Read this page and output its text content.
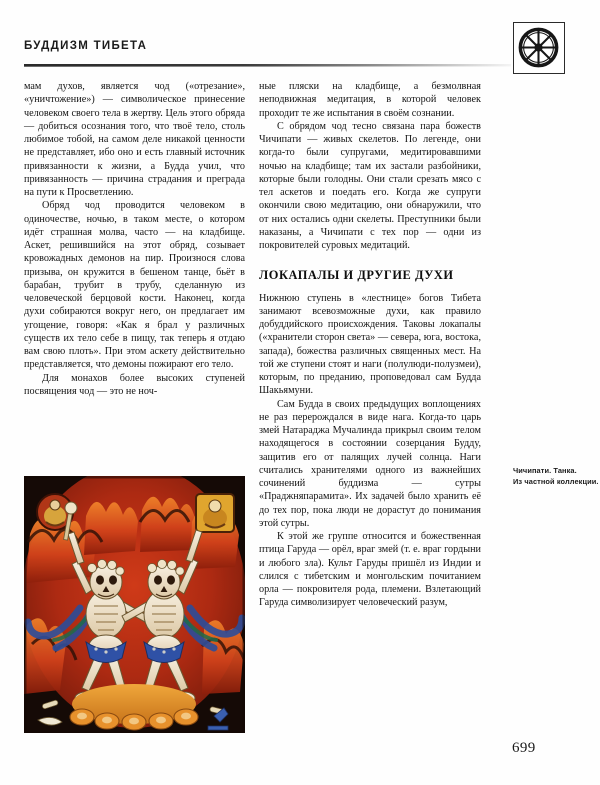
БУДДИЗМ ТИБЕТА

мам духов, является чод («отрезание», «уничтожение») — символическое принесение человеком своего тела в жертву. Цель этого обряда — добиться осознания того, что твоё тело, столь любимое тобой, на самом деле никакой ценности не представляет, ибо оно и есть главный источник привязанности к жизни, а Будда учил, что привязанность — причина страдания и преграда на пути к Просветлению.

Обряд чод проводится человеком в одиночестве, ночью, в таком месте, о котором идёт страшная молва, часто — на кладбище. Аскет, решившийся на этот обряд, созывает кровожадных демонов на пир. Произнося слова призыва, он кружится в бешеном танце, бьёт в барабан, трубит в трубу, сделанную из человеческой берцовой кости. Наконец, когда духи собираются вокруг него, он предлагает им угощение, говоря: «Как я брал у различных существ их тело себе в пищу, так теперь я отдаю вам свою плоть». При этом аскету действительно представляется, что демоны пожирают его тело.

Для монахов более высоких ступеней посвящения чод — это не ноч-

ные пляски на кладбище, а безмолвная неподвижная медитация, в которой человек проходит те же испытания в своём сознании.

С обрядом чод тесно связана пара божеств Чичипати — живых скелетов. По легенде, они когда-то были супругами, медитировавшими ночью на кладбище; там их застали разбойники, которые были голодны. Они стали срезать мясо с тел аскетов и поедать его. Когда же супруги окончили свою медитацию, они обнаружили, что от них остались одни скелеты. Преступники были наказаны, а Чичипати с тех пор — одни из покровителей суровых медитаций.

ЛОКАПАЛЫ И ДРУГИЕ ДУХИ

Нижнюю ступень в «лестнице» богов Тибета занимают всевозможные духи, как правило добуддийского происхождения. Таковы локапалы («хранители сторон света» — севера, юга, востока, запада), божества различных священных мест. На той же ступени стоят и наги (полулюди-полузмеи), которым, по преданию, проповедовал сам Будда Шакьямуни.

Сам Будда в своих предыдущих воплощениях не раз перерождался в виде нага. Когда-то царь змей Натараджа Мучалинда прикрыл своим телом находящегося в состоянии созерцания Будду, защитив его от палящих лучей солнца. Наги считались хранителями одного из важнейших сочинений буддизма — сутры «Праджняпарамита». Их задачей было хранить её до тех пор, пока люди не дорастут до понимания этой сутры.

К этой же группе относится и божественная птица Гаруда — орёл, враг змей (т. е. враг гордыни и любого зла). Культ Гаруды пришёл из Индии и слился с тибетским и монгольским почитанием орла — покровителя рода, племени. Взлетающий Гаруда символизирует человеческий разум,

Чичипати. Танка.
Из частной коллекции.
699
